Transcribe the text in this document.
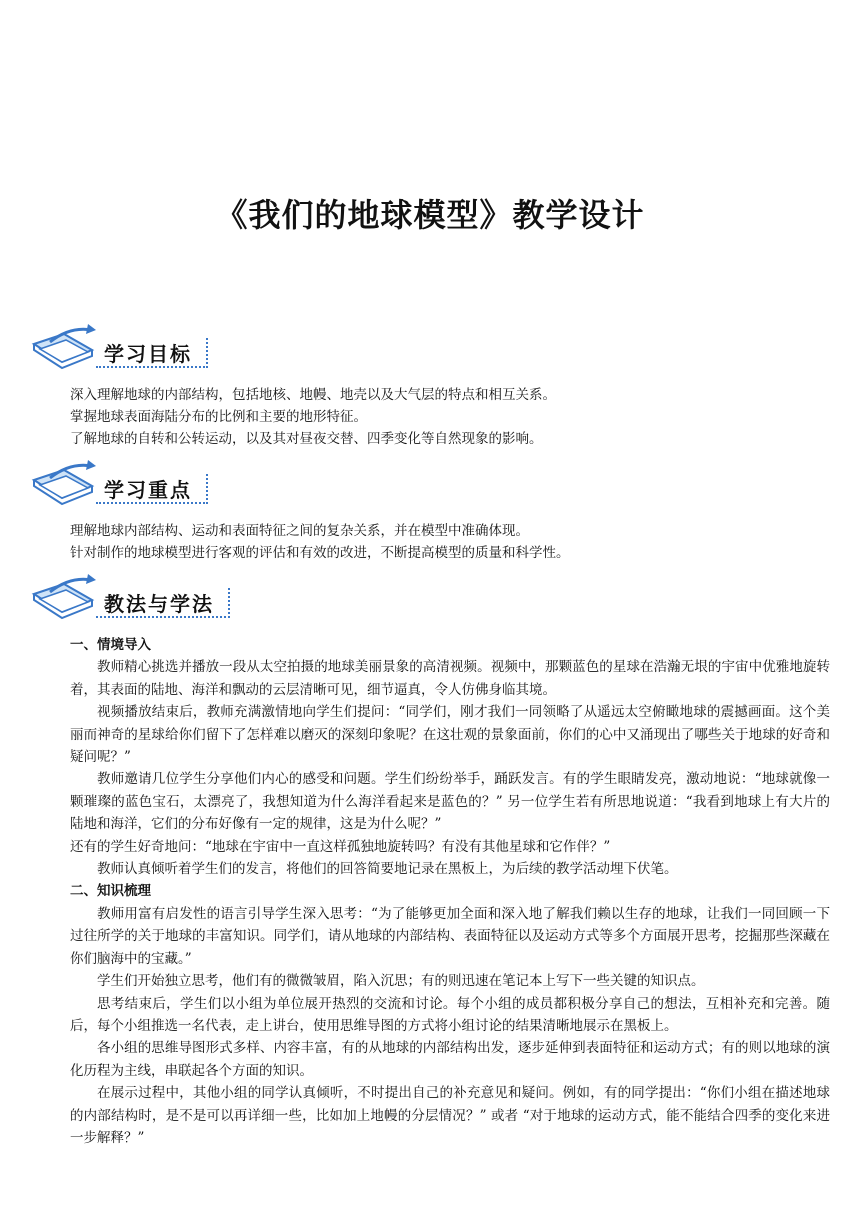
《我们的地球模型》教学设计
学习目标

深入理解地球的内部结构，包括地核、地幔、地壳以及大气层的特点和相互关系。

掌握地球表面海陆分布的比例和主要的地形特征。

了解地球的自转和公转运动，以及其对昼夜交替、四季变化等自然现象的影响。

学习重点

理解地球内部结构、运动和表面特征之间的复杂关系，并在模型中准确体现。

针对制作的地球模型进行客观的评估和有效的改进，不断提高模型的质量和科学性。

教法与学法

一、情境导入

教师精心挑选并播放一段从太空拍摄的地球美丽景象的高清视频。视频中，那颗蓝色的星球在浩瀚无垠的宇宙中优雅地旋转着，其表面的陆地、海洋和飘动的云层清晰可见，细节逼真，令人仿佛身临其境。

视频播放结束后，教师充满激情地向学生们提问：“同学们，刚才我们一同领略了从遥远太空俯瞰地球的震撼画面。这个美丽而神奇的星球给你们留下了怎样难以磨灭的深刻印象呢？在这壮观的景象面前，你们的心中又涌现出了哪些关于地球的好奇和疑问呢？”

教师邀请几位学生分享他们内心的感受和问题。学生们纷纷举手，踊跃发言。有的学生眼睛发亮，激动地说：“地球就像一颗璀璨的蓝色宝石，太漂亮了，我想知道为什么海洋看起来是蓝色的？” 另一位学生若有所思地说道：“我看到地球上有大片的陆地和海洋，它们的分布好像有一定的规律，这是为什么呢？”

还有的学生好奇地问：“地球在宇宙中一直这样孤独地旋转吗？有没有其他星球和它作伴？”

教师认真倾听着学生们的发言，将他们的回答简要地记录在黑板上，为后续的教学活动埋下伏笔。

二、知识梳理

教师用富有启发性的语言引导学生深入思考：“为了能够更加全面和深入地了解我们赖以生存的地球，让我们一同回顾一下过往所学的关于地球的丰富知识。同学们，请从地球的内部结构、表面特征以及运动方式等多个方面展开思考，挖掘那些深藏在你们脑海中的宝藏。”

学生们开始独立思考，他们有的微微皱眉，陷入沉思；有的则迅速在笔记本上写下一些关键的知识点。

思考结束后，学生们以小组为单位展开热烈的交流和讨论。每个小组的成员都积极分享自己的想法，互相补充和完善。随后，每个小组推选一名代表，走上讲台，使用思维导图的方式将小组讨论的结果清晰地展示在黑板上。

各小组的思维导图形式多样、内容丰富，有的从地球的内部结构出发，逐步延伸到表面特征和运动方式；有的则以地球的演化历程为主线，串联起各个方面的知识。

在展示过程中，其他小组的同学认真倾听，不时提出自己的补充意见和疑问。例如，有的同学提出：“你们小组在描述地球的内部结构时，是不是可以再详细一些，比如加上地幔的分层情况？” 或者 “对于地球的运动方式，能不能结合四季的变化来进一步解释？”
